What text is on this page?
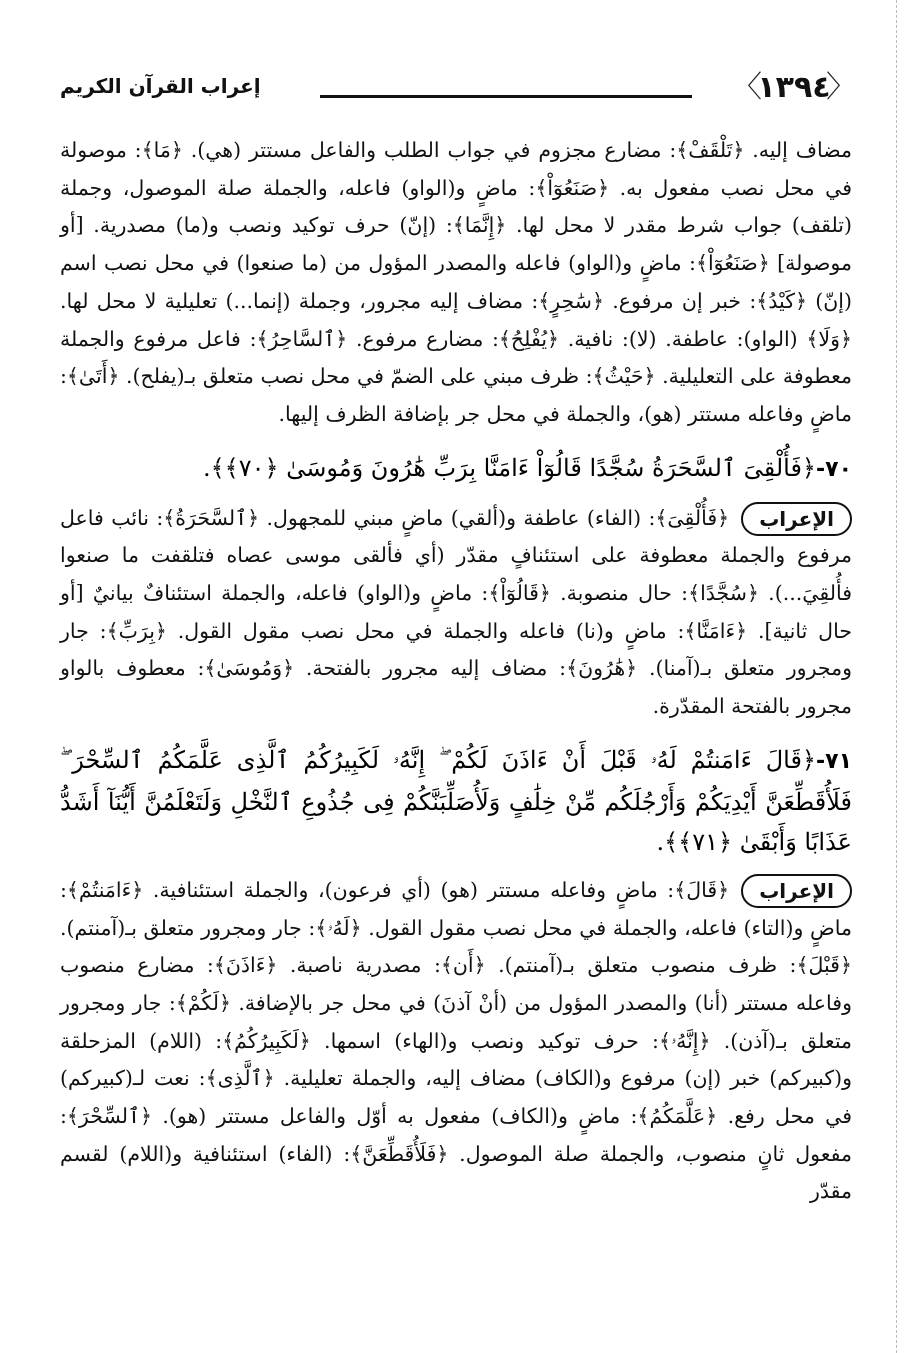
〈 ١٣٩٤ 〉
إعراب القرآن الكريم
مضاف إليه. ﴿تَلْقَفْ﴾: مضارع مجزوم في جواب الطلب والفاعل مستتر (هي). ﴿مَا﴾: موصولة في محل نصب مفعول به. ﴿صَنَعُوٓاْ﴾: ماضٍ و(الواو) فاعله، والجملة صلة الموصول، وجملة (تلقف) جواب شرط مقدر لا محل لها. ﴿إِنَّمَا﴾: (إنّ) حرف توكيد ونصب و(ما) مصدرية. [أو موصولة] ﴿صَنَعُوٓاْ﴾: ماضٍ و(الواو) فاعله والمصدر المؤول من (ما صنعوا) في محل نصب اسم (إنّ) ﴿كَيْدُ﴾: خبر إن مرفوع. ﴿سَٰحِرٍ﴾: مضاف إليه مجرور، وجملة (إنما...) تعليلية لا محل لها. ﴿وَلَا﴾ (الواو): عاطفة. (لا): نافية. ﴿يُفْلِحُ﴾: مضارع مرفوع. ﴿ٱلسَّاحِرُ﴾: فاعل مرفوع والجملة معطوفة على التعليلية. ﴿حَيْثُ﴾: ظرف مبني على الضمّ في محل نصب متعلق بـ(يفلح). ﴿أَتَىٰ﴾: ماضٍ وفاعله مستتر (هو)، والجملة في محل جر بإضافة الظرف إليها.
٧٠-﴿فَأُلْقِىَ ٱلسَّحَرَةُ سُجَّدًا قَالُوٓاْ ءَامَنَّا بِرَبِّ هَٰرُونَ وَمُوسَىٰ ﴿٧٠﴾﴾.
الإعراب
﴿فَأُلْقِىَ﴾: (الفاء) عاطفة و(ألقي) ماضٍ مبني للمجهول. ﴿ٱلسَّحَرَةُ﴾: نائب فاعل مرفوع والجملة معطوفة على استئنافٍ مقدّر (أي فألقى موسى عصاه فتلقفت ما صنعوا فأُلقِيَ...). ﴿سُجَّدًا﴾: حال منصوبة. ﴿قَالُوٓاْ﴾: ماضٍ و(الواو) فاعله، والجملة استئنافٌ بيانيٌ [أو حال ثانية]. ﴿ءَامَنَّا﴾: ماضٍ و(نا) فاعله والجملة في محل نصب مقول القول. ﴿بِرَبِّ﴾: جار ومجرور متعلق بـ(آمنا). ﴿هَٰرُونَ﴾: مضاف إليه مجرور بالفتحة. ﴿وَمُوسَىٰ﴾: معطوف بالواو مجرور بالفتحة المقدّرة.
٧١-﴿قَالَ ءَامَنتُمْ لَهُۥ قَبْلَ أَنْ ءَاذَنَ لَكُمْ ۖ إِنَّهُۥ لَكَبِيرُكُمُ ٱلَّذِى عَلَّمَكُمُ ٱلسِّحْرَ ۖ فَلَأُقَطِّعَنَّ أَيْدِيَكُمْ وَأَرْجُلَكُم مِّنْ خِلَٰفٍ وَلَأُصَلِّبَنَّكُمْ فِى جُذُوعِ ٱلنَّخْلِ وَلَتَعْلَمُنَّ أَيُّنَآ أَشَدُّ عَذَابًا وَأَبْقَىٰ ﴿٧١﴾﴾.
الإعراب
﴿قَالَ﴾: ماضٍ وفاعله مستتر (هو) (أي فرعون)، والجملة استئنافية. ﴿ءَامَنتُمْ﴾: ماضٍ و(التاء) فاعله، والجملة في محل نصب مقول القول. ﴿لَهُۥ﴾: جار ومجرور متعلق بـ(آمنتم). ﴿قَبْلَ﴾: ظرف منصوب متعلق بـ(آمنتم). ﴿أَن﴾: مصدرية ناصبة. ﴿ءَاذَنَ﴾: مضارع منصوب وفاعله مستتر (أنا) والمصدر المؤول من (أنْ آذنَ) في محل جر بالإضافة. ﴿لَكُمْ﴾: جار ومجرور متعلق بـ(آذن). ﴿إِنَّهُۥ﴾: حرف توكيد ونصب و(الهاء) اسمها. ﴿لَكَبِيرُكُمُ﴾: (اللام) المزحلقة و(كبيركم) خبر (إن) مرفوع و(الكاف) مضاف إليه، والجملة تعليلية. ﴿ٱلَّذِى﴾: نعت لـ(كبيركم) في محل رفع. ﴿عَلَّمَكُمُ﴾: ماضٍ و(الكاف) مفعول به أوّل والفاعل مستتر (هو). ﴿ٱلسِّحْرَ﴾: مفعول ثانٍ منصوب، والجملة صلة الموصول. ﴿فَلَأُقَطِّعَنَّ﴾: (الفاء) استئنافية و(اللام) لقسم مقدّر
